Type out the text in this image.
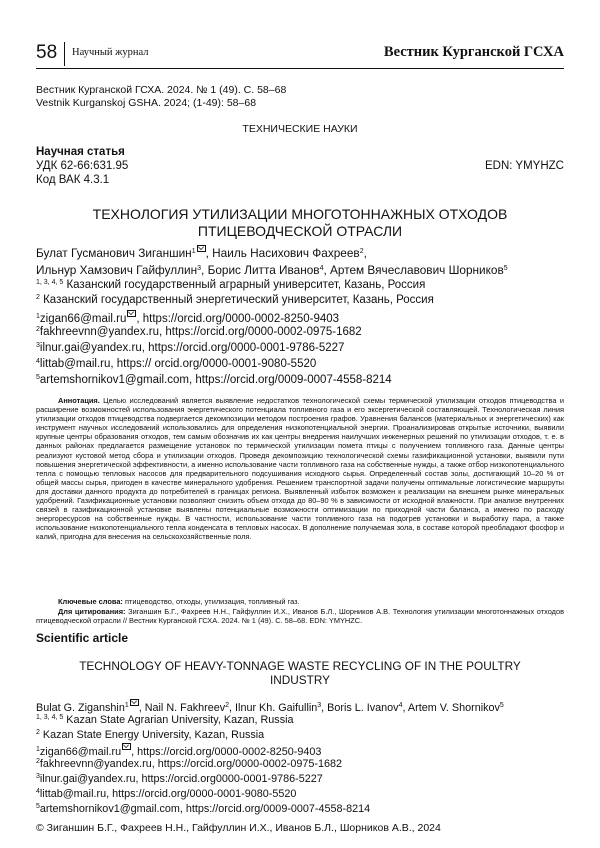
58 Научный журнал	Вестник Курганской ГСХА
Вестник Курганской ГСХА. 2024. № 1 (49). С. 58–68
Vestnik Kurganskoj GSHA. 2024; (1-49): 58–68
ТЕХНИЧЕСКИЕ НАУКИ
Научная статья
УДК 62-66:631.95	EDN: YMYHZC
Код ВАК 4.3.1
ТЕХНОЛОГИЯ УТИЛИЗАЦИИ МНОГОТОННАЖНЫХ ОТХОДОВ
ПТИЦЕВОДЧЕСКОЙ ОТРАСЛИ
Булат Гусманович Зиганшин1 , Наиль Насихович Фахреев2,
Ильнур Хамзович Гайфуллин3, Борис Литта Иванов4, Артем Вячеславович Шорников5
1, 3, 4, 5 Казанский государственный аграрный университет, Казань, Россия
2 Казанский государственный энергетический университет, Казань, Россия
1zigan66@mail.ru , https://orcid.org/0000-0002-8250-9403
2fakhreevnn@yandex.ru, https://orcid.org/0000-0002-0975-1682
3ilnur.gai@yandex.ru, https://orcid.org/0000-0001-9786-5227
4littab@mail.ru, https:// orcid.org/0000-0001-9080-5520
5artemshornikov1@gmail.com, https://orcid.org/0009-0007-4558-8214
Аннотация. Целью исследований является выявление недостатков технологической схемы термической утилизации отходов птицеводства и расширение возможностей использования энергетического потенциала топливного газа и его эксергетической составляющей. Технологическая линия утилизации отходов птицеводства подвергается декомпозиции методом построения графов. Уравнения балансов (материальных и энергетических) как инструмент научных исследований использовались для определения низкопотенциальной энергии. Проанализировав открытые источники, выявили крупные центры образования отходов, тем самым обозначив их как центры внедрения наилучших инженерных решений по утилизации отходов, т. е. в данных районах предлагается размещение установок по термической утилизации помета птицы с получением топливного газа. Данные центры реализуют кустовой метод сбора и утилизации отходов. Проведя декомпозицию технологической схемы газификационной установки, выявили пути повышения энергетической эффективности, а именно использование части топливного газа на собственные нужды, а также отбор низкопотенциального тепла с помощью тепловых насосов для предварительного подсушивания исходного сырья. Определенный состав золы, достигающий 10–20 % от общей массы сырья, пригоден в качестве минерального удобрения. Решением транспортной задачи получены оптимальные логистические маршруты для доставки данного продукта до потребителей в границах региона. Выявленный избыток возможен к реализации на внешнем рынке минеральных удобрений. Газификационные установки позволяют снизить объем отхода до 80–90 % в зависимости от исходной влажности. При анализе внутренних связей в газификационной установке выявлены потенциальные возможности оптимизации по приходной части баланса, а именно по расходу энергоресурсов на собственные нужды. В частности, использование части топливного газа на подогрев установки и выработку пара, а также использование низкопотенциального тепла конденсата в тепловых насосах. В дополнение получаемая зола, в составе которой преобладают фосфор и калий, пригодна для внесения на сельскохозяйственные поля.
Ключевые слова: птицеводство, отходы, утилизация, топливный газ.
Для цитирования: Зиганшин Б.Г., Фахреев Н.Н., Гайфуллин И.Х., Иванов Б.Л., Шорников А.В. Технология утилизации многотоннажных отходов птицеводческой отрасли // Вестник Курганской ГСХА. 2024. № 1 (49). С. 58–68. EDN: YMYHZC.
Scientific article
TECHNOLOGY OF HEAVY-TONNAGE WASTE RECYCLING OF IN THE POULTRY
INDUSTRY
Bulat G. Ziganshin1 , Nail N. Fakhreev2, Ilnur Kh. Gaifullin3, Boris L. Ivanov4, Artem V. Shornikov5
1, 3, 4, 5 Kazan State Agrarian University, Kazan, Russia
2 Kazan State Energy University, Kazan, Russia
1zigan66@mail.ru , https://orcid.org/0000-0002-8250-9403
2fakhreevnn@yandex.ru, https://orcid.org/0000-0002-0975-1682
3ilnur.gai@yandex.ru, https://orcid.org0000-0001-9786-5227
4littab@mail.ru, https://orcid.org/0000-0001-9080-5520
5artemshornikov1@gmail.com, https://orcid.org/0009-0007-4558-8214
© Зиганшин Б.Г., Фахреев Н.Н., Гайфуллин И.Х., Иванов Б.Л., Шорников А.В., 2024
